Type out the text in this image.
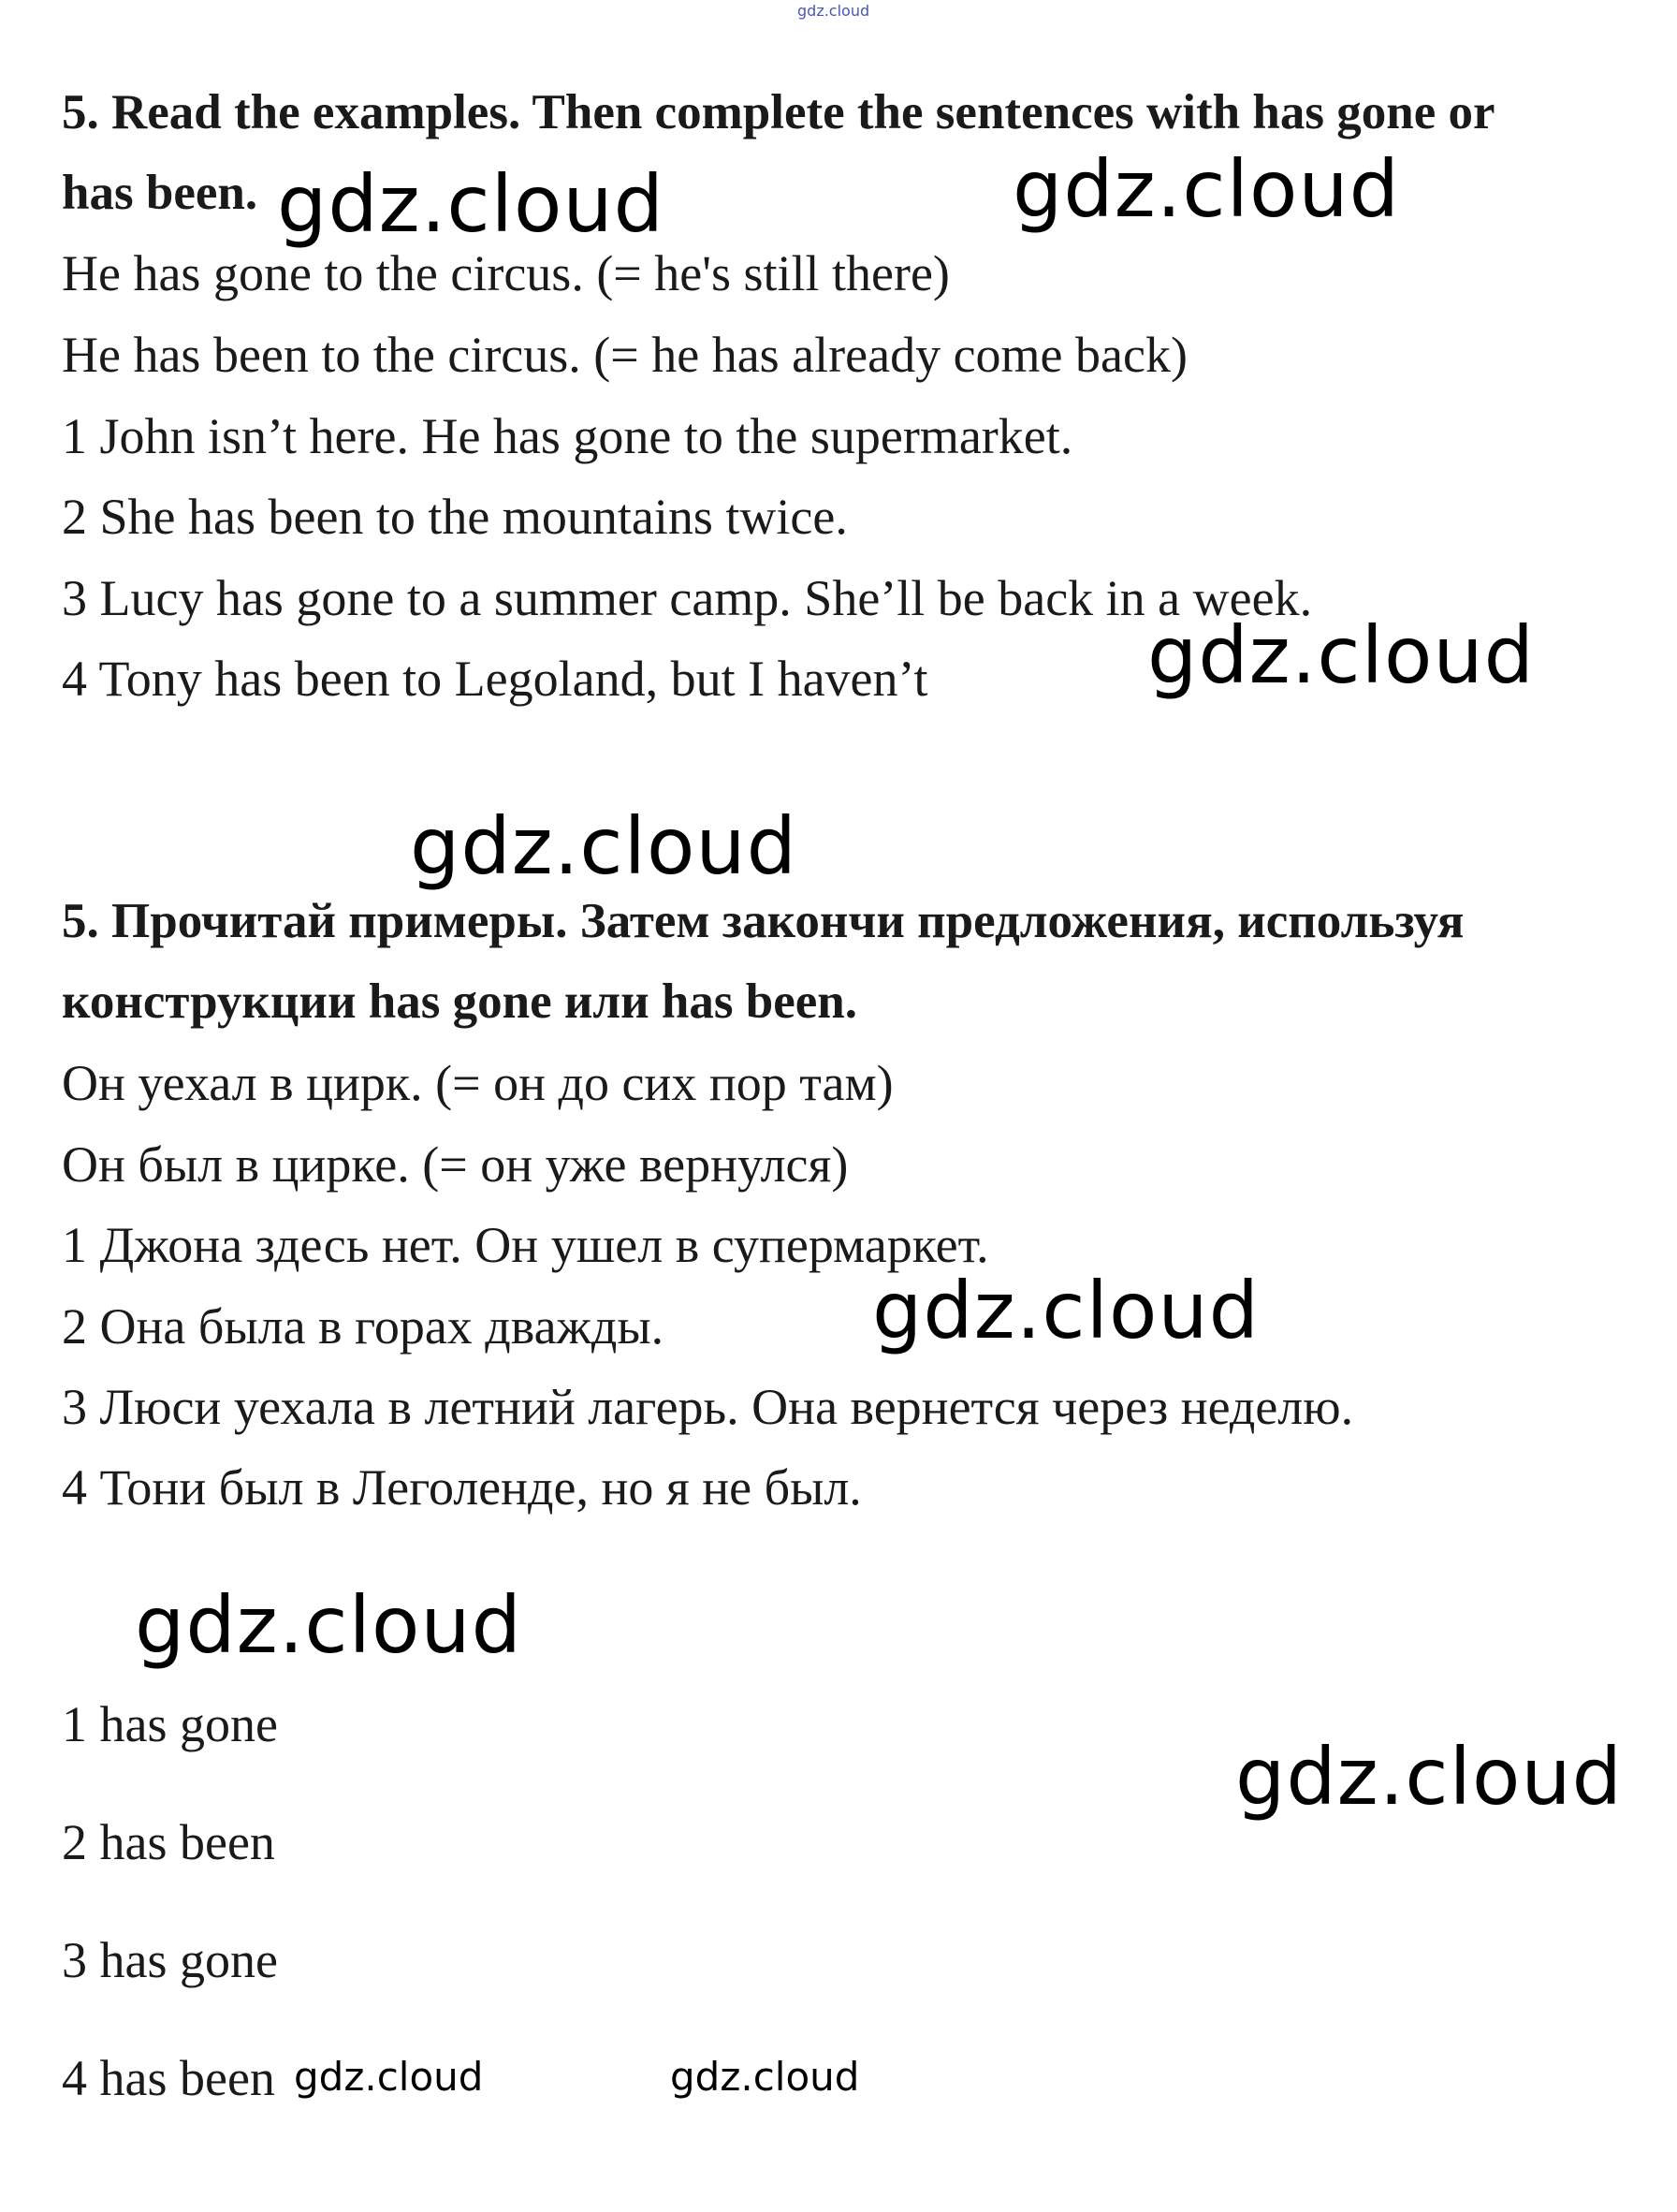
gdz.cloud
5. Read the examples. Then complete the sentences with has gone or
has been.
He has gone to the circus. (= he's still there)
He has been to the circus. (= he has already come back)
1 John isn’t here. He has gone to the supermarket.
2 She has been to the mountains twice.
3 Lucy has gone to a summer camp. She’ll be back in a week.
4 Tony has been to Legoland, but I haven’t
5. Прочитай примеры. Затем закончи предложения, используя
конструкции has gone или has been.
Он уехал в цирк. (= он до сих пор там)
Он был в цирке. (= он уже вернулся)
1 Джона здесь нет. Он ушел в супермаркет.
2 Она была в горах дважды.
3 Люси уехала в летний лагерь. Она вернется через неделю.
4 Тони был в Леголенде, но я не был.
1 has gone
2 has been
3 has gone
4 has been
gdz.cloud	gdz.cloud
gdz.cloud
gdz.cloud
gdz.cloud
gdz.cloud
gdz.cloud
gdz.cloud	gdz.cloud
